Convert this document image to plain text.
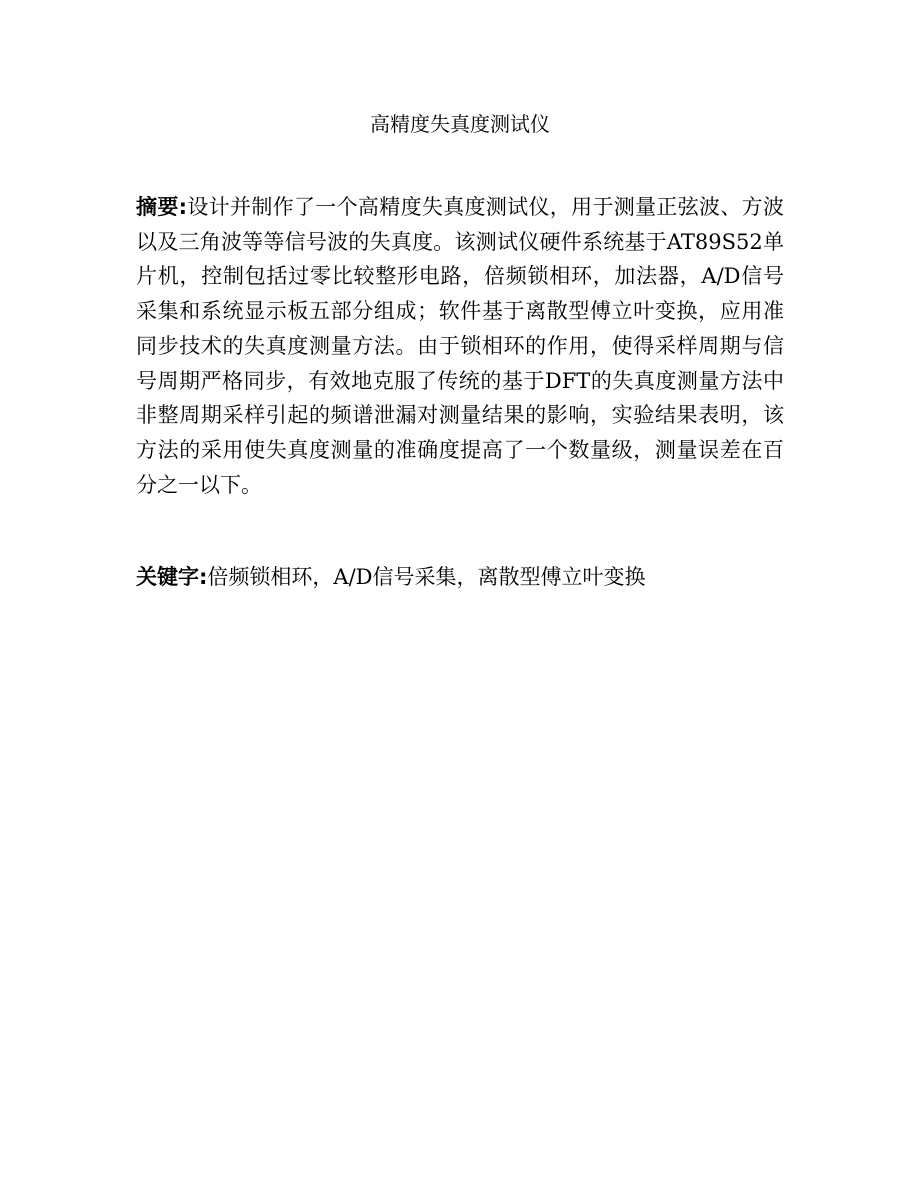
高精度失真度测试仪
摘要:设计并制作了一个高精度失真度测试仪，用于测量正弦波、方波以及三角波等等信号波的失真度。该测试仪硬件系统基于AT89S52单片机，控制包括过零比较整形电路，倍频锁相环，加法器，A/D信号采集和系统显示板五部分组成；软件基于离散型傅立叶变换，应用准同步技术的失真度测量方法。由于锁相环的作用，使得采样周期与信号周期严格同步，有效地克服了传统的基于DFT的失真度测量方法中非整周期采样引起的频谱泄漏对测量结果的影响，实验结果表明，该方法的采用使失真度测量的准确度提高了一个数量级，测量误差在百分之一以下。
关键字:倍频锁相环，A/D信号采集，离散型傅立叶变换
